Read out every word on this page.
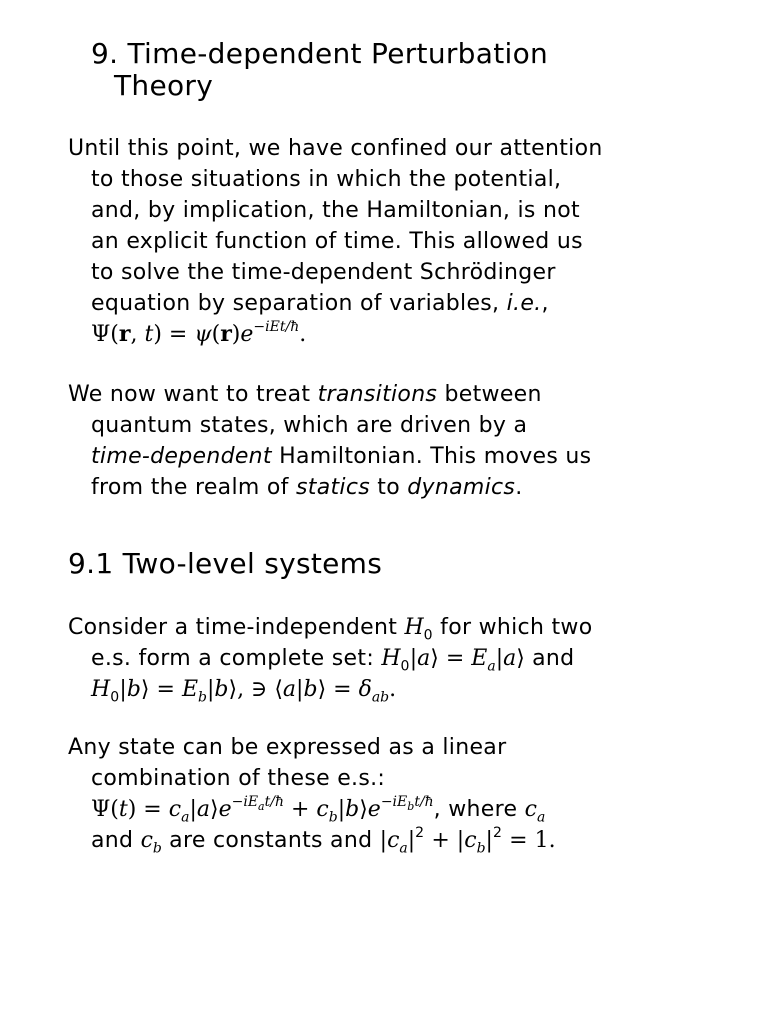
9. Time-dependent Perturbation
Theory
Until this point, we have confined our attention
to those situations in which the potential,
and, by implication, the Hamiltonian, is not
an explicit function of time. This allowed us
to solve the time-dependent Schrödinger
equation by separation of variables, i.e.,
Ψ(r, $t) = \psi(r)e^{-iEt/ħ}$.
We now want to treat transitions between
quantum states, which are driven by a
time-dependent Hamiltonian. This moves us
from the realm of statics to dynamics.
9.1 Two-level systems
Consider a time-independent $H_0$ for which two
e.s. form a complete set: $H_0|a⟩$ = $E_a|a⟩$ and
$H_0|b⟩$ = $E_b|b⟩$, ∋ ⟨a|b⟩ = $\delta_{ab}$.
Any state can be expressed as a linear
combination of these e.s.:
$\Psi(t) = c_a|a⟩e^{-iE_at/ħ}$ + $c_b|b⟩e^{-iE_bt/ħ}$, where $c_a$
and $c_b$ are constants and $|c_a|^2 + |c_b|^2 = 1$.
